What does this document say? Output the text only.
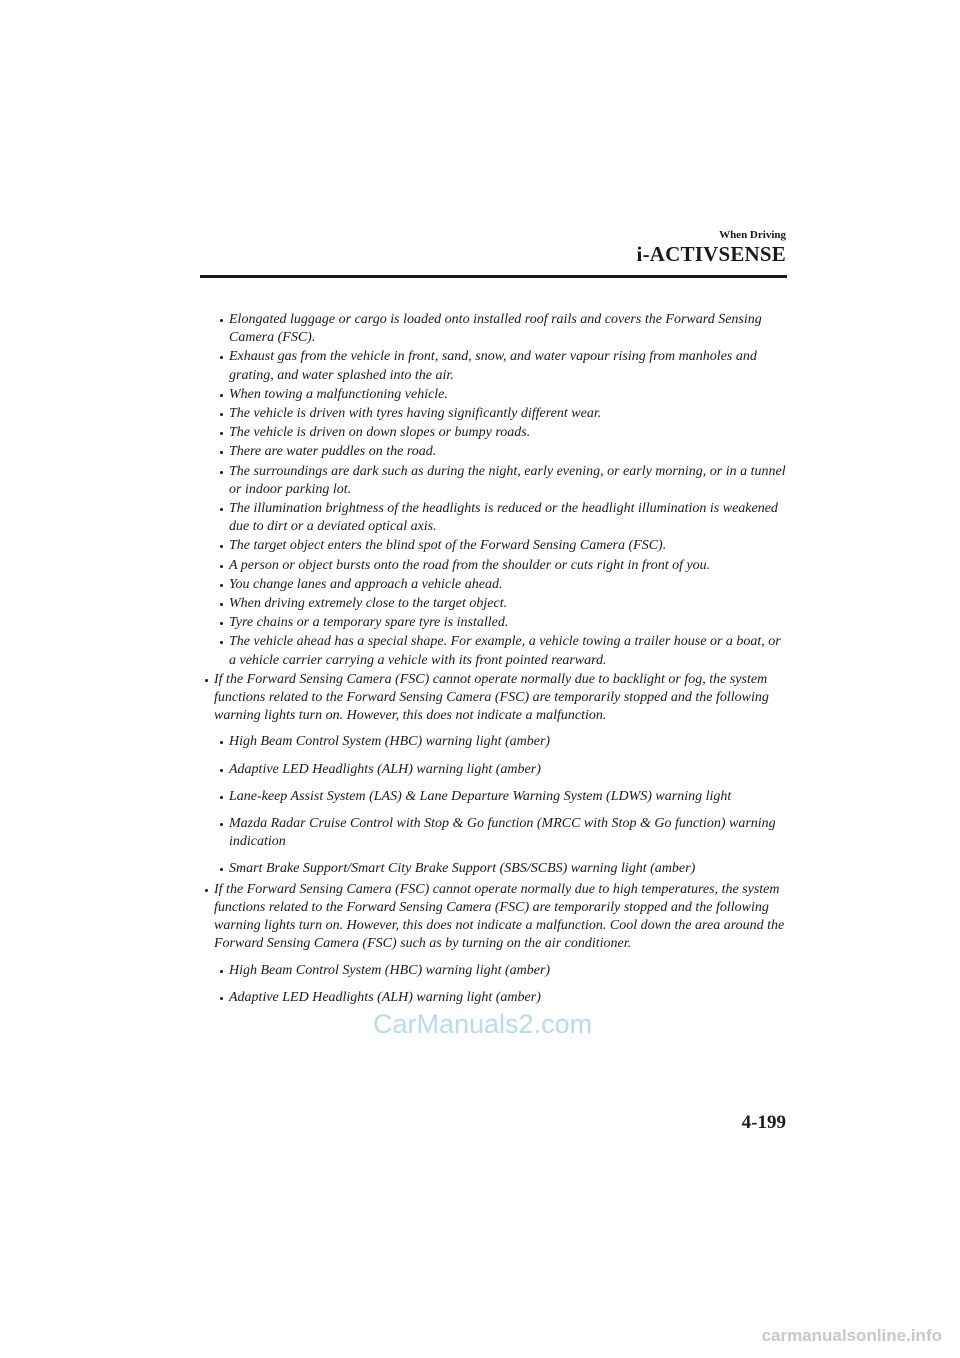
When Driving
i-ACTIVSENSE
Elongated luggage or cargo is loaded onto installed roof rails and covers the Forward Sensing Camera (FSC).
Exhaust gas from the vehicle in front, sand, snow, and water vapour rising from manholes and grating, and water splashed into the air.
When towing a malfunctioning vehicle.
The vehicle is driven with tyres having significantly different wear.
The vehicle is driven on down slopes or bumpy roads.
There are water puddles on the road.
The surroundings are dark such as during the night, early evening, or early morning, or in a tunnel or indoor parking lot.
The illumination brightness of the headlights is reduced or the headlight illumination is weakened due to dirt or a deviated optical axis.
The target object enters the blind spot of the Forward Sensing Camera (FSC).
A person or object bursts onto the road from the shoulder or cuts right in front of you.
You change lanes and approach a vehicle ahead.
When driving extremely close to the target object.
Tyre chains or a temporary spare tyre is installed.
The vehicle ahead has a special shape. For example, a vehicle towing a trailer house or a boat, or a vehicle carrier carrying a vehicle with its front pointed rearward.
If the Forward Sensing Camera (FSC) cannot operate normally due to backlight or fog, the system functions related to the Forward Sensing Camera (FSC) are temporarily stopped and the following warning lights turn on. However, this does not indicate a malfunction.
High Beam Control System (HBC) warning light (amber)
Adaptive LED Headlights (ALH) warning light (amber)
Lane-keep Assist System (LAS) & Lane Departure Warning System (LDWS) warning light
Mazda Radar Cruise Control with Stop & Go function (MRCC with Stop & Go function) warning indication
Smart Brake Support/Smart City Brake Support (SBS/SCBS) warning light (amber)
If the Forward Sensing Camera (FSC) cannot operate normally due to high temperatures, the system functions related to the Forward Sensing Camera (FSC) are temporarily stopped and the following warning lights turn on. However, this does not indicate a malfunction. Cool down the area around the Forward Sensing Camera (FSC) such as by turning on the air conditioner.
High Beam Control System (HBC) warning light (amber)
Adaptive LED Headlights (ALH) warning light (amber)
CarManuals2.com
4-199
carmanualsonline.info
